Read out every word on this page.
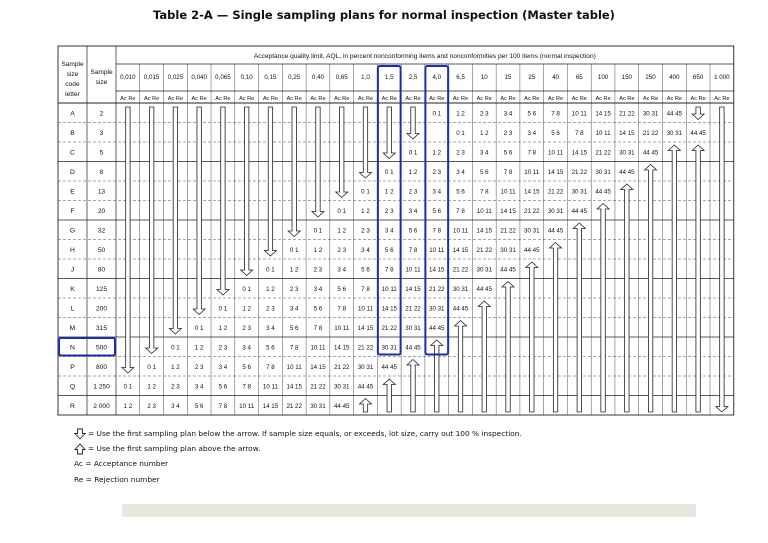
Table 2-A — Single sampling plans for normal inspection (Master table)
Sample
size
code
letter
Sample
size
Acceptance quality limit, AQL, in percent nonconforming items and nonconformities per 100 items (normal inspection)
0,010
Ac Re
0,015
Ac Re
0,025
Ac Re
0,040
Ac Re
0,065
Ac Re
0,10
Ac Re
0,15
Ac Re
0,25
Ac Re
0,40
Ac Re
0,65
Ac Re
1,0
Ac Re
1,5
Ac Re
2,5
Ac Re
4,0
Ac Re
6,5
Ac Re
10
Ac Re
15
Ac Re
25
Ac Re
40
Ac Re
65
Ac Re
100
Ac Re
150
Ac Re
250
Ac Re
400
Ac Re
650
Ac Re
1 000
Ac Re
A
B
C
D
E
F
G
H
J
K
L
M
N
P
Q
R
2
3
5
8
13
20
32
50
80
125
200
315
500
800
1 250
2 000
0 1
1 2
0 1
1 2
2 3
0 1
1 2
2 3
3 4
0 1
1 2
2 3
3 4
5 6
0 1
1 2
2 3
3 4
5 6
7 8
0 1
1 2
2 3
3 4
5 6
7 8
10 11
0 1
1 2
2 3
3 4
5 6
7 8
10 11
14 15
0 1
1 2
2 3
3 4
5 6
7 8
10 11
14 15
21 22
0 1
1 2
2 3
3 4
5 6
7 8
10 11
14 15
21 22
30 31
0 1
1 2
2 3
3 4
5 6
7 8
10 11
14 15
21 22
30 31
44 45
0 1
1 2
2 3
3 4
5 6
7 8
10 11
14 15
21 22
30 31
44 45
0 1
1 2
2 3
3 4
5 6
7 8
10 11
14 15
21 22
30 31
44 45
0 1
1 2
2 3
3 4
5 6
7 8
10 11
14 15
21 22
30 31
44 45
0 1
1 2
2 3
3 4
5 6
7 8
10 11
14 15
21 22
30 31
44 45
1 2
0 1
2 3
3 4
5 6
7 8
10 11
14 15
21 22
30 31
44 45
2 3
1 2
3 4
5 6
7 8
10 11
14 15
21 22
30 31
44 45
3 4
2 3
5 6
7 8
10 11
14 15
21 22
30 31
44 45
5 6
3 4
7 8
10 11
14 15
21 22
30 31
44 45
7 8
5 6
10 11
14 15
21 22
30 31
44 45
10 11
7 8
14 15
21 22
30 31
44 45
14 15
10 11
21 22
30 31
44 45
21 22
14 15
30 31
44 45
30 31
21 22
44 45
44 45
30 31 44 45
= Use the first sampling plan below the arrow. If sample size equals, or exceeds, lot size, carry out 100 % inspection.
= Use the first sampling plan above the arrow.
Ac = Acceptance number
Re = Rejection number
